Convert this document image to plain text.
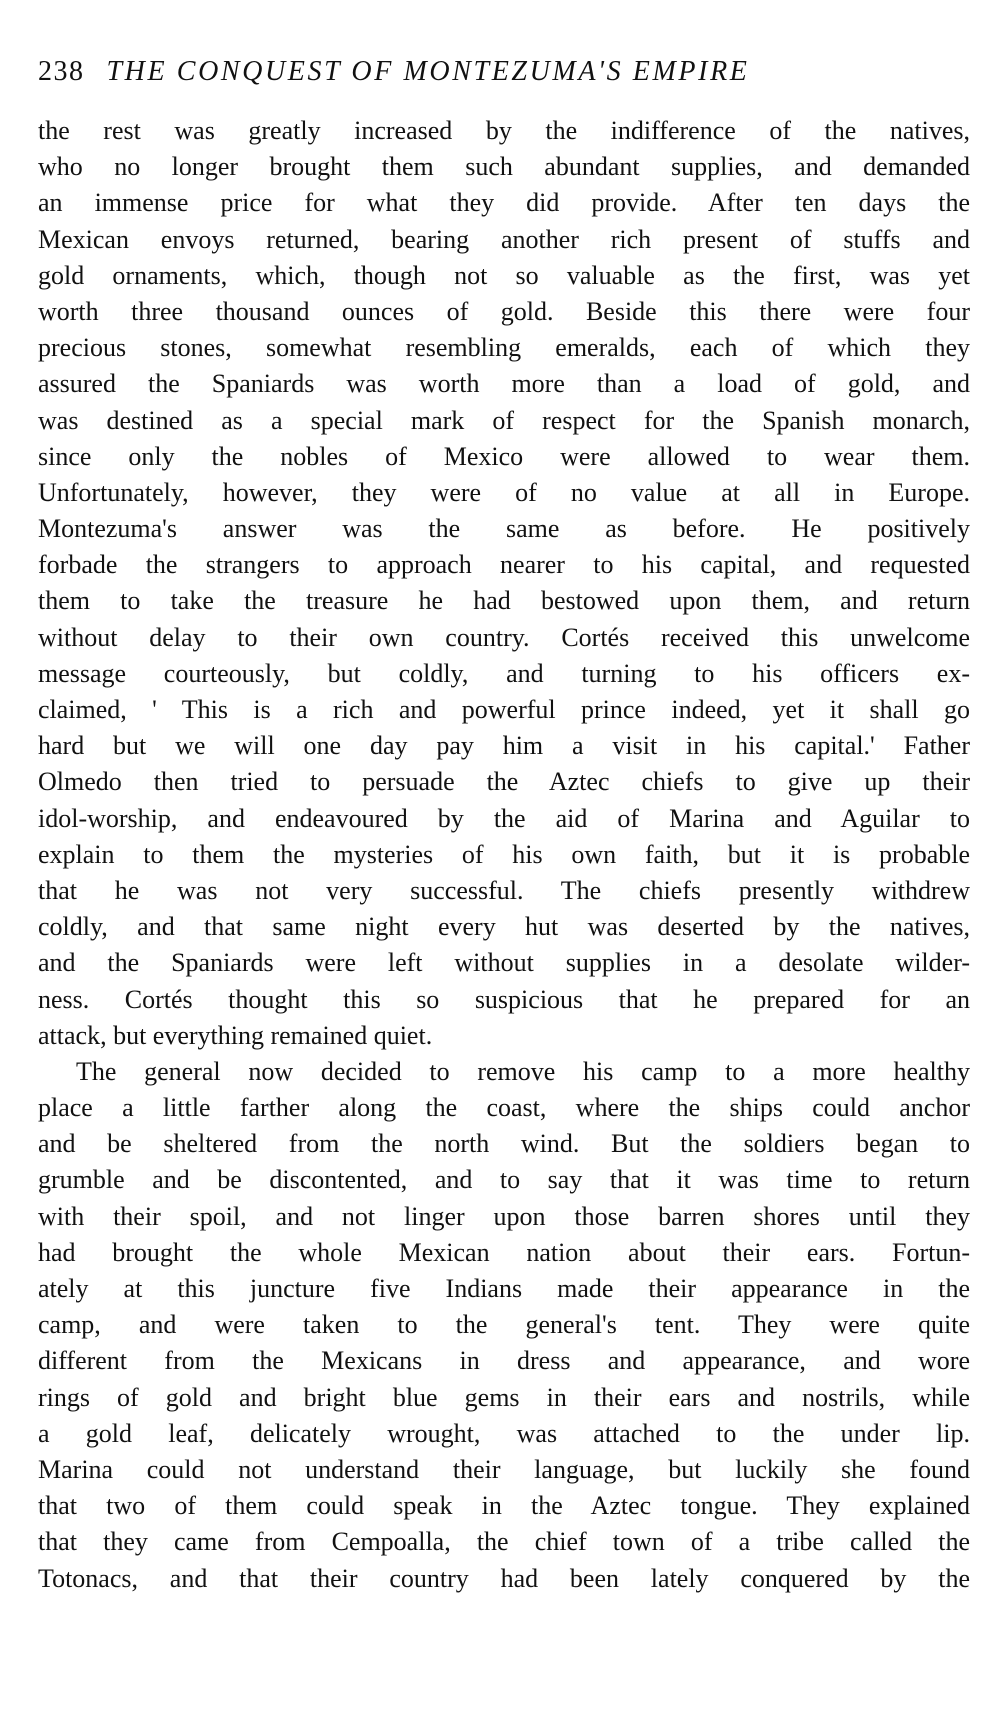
238 THE CONQUEST OF MONTEZUMA'S EMPIRE
the rest was greatly increased by the indifference of the natives,
who no longer brought them such abundant supplies, and demanded
an immense price for what they did provide. After ten days the
Mexican envoys returned, bearing another rich present of stuffs and
gold ornaments, which, though not so valuable as the first, was yet
worth three thousand ounces of gold. Beside this there were four
precious stones, somewhat resembling emeralds, each of which they
assured the Spaniards was worth more than a load of gold, and
was destined as a special mark of respect for the Spanish monarch,
since only the nobles of Mexico were allowed to wear them.
Unfortunately, however, they were of no value at all in Europe.
Montezuma's answer was the same as before. He positively
forbade the strangers to approach nearer to his capital, and requested
them to take the treasure he had bestowed upon them, and return
without delay to their own country. Cortés received this unwelcome
message courteously, but coldly, and turning to his officers ex-
claimed, ' This is a rich and powerful prince indeed, yet it shall go
hard but we will one day pay him a visit in his capital.' Father
Olmedo then tried to persuade the Aztec chiefs to give up their
idol-worship, and endeavoured by the aid of Marina and Aguilar to
explain to them the mysteries of his own faith, but it is probable
that he was not very successful. The chiefs presently withdrew
coldly, and that same night every hut was deserted by the natives,
and the Spaniards were left without supplies in a desolate wilder-
ness. Cortés thought this so suspicious that he prepared for an
attack, but everything remained quiet.
The general now decided to remove his camp to a more healthy
place a little farther along the coast, where the ships could anchor
and be sheltered from the north wind. But the soldiers began to
grumble and be discontented, and to say that it was time to return
with their spoil, and not linger upon those barren shores until they
had brought the whole Mexican nation about their ears. Fortun-
ately at this juncture five Indians made their appearance in the
camp, and were taken to the general's tent. They were quite
different from the Mexicans in dress and appearance, and wore
rings of gold and bright blue gems in their ears and nostrils, while
a gold leaf, delicately wrought, was attached to the under lip.
Marina could not understand their language, but luckily she found
that two of them could speak in the Aztec tongue. They explained
that they came from Cempoalla, the chief town of a tribe called the
Totonacs, and that their country had been lately conquered by the
